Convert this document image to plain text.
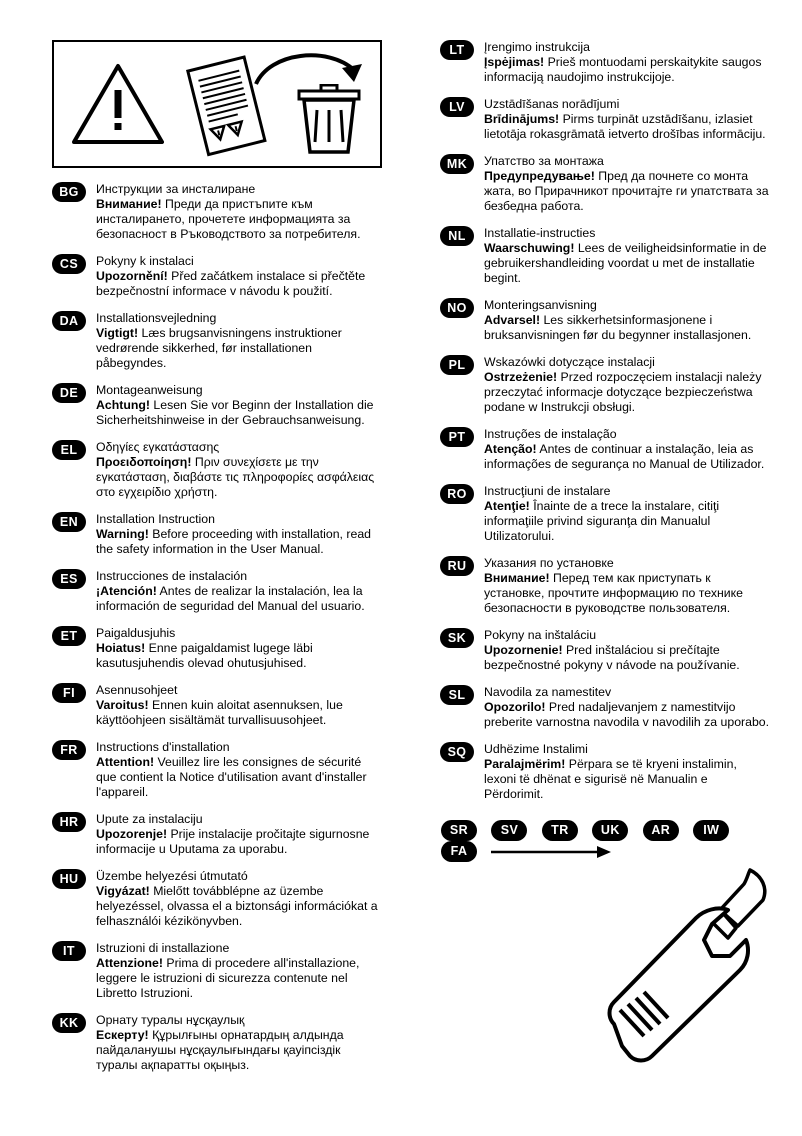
BG	Инструкции за инсталиране
Внимание! Преди да пристъпите към инсталирането, прочетете информацията за безопасност в Ръководството за потребителя.
CS	Pokyny k instalaci
Upozornění! Před začátkem instalace si přečtěte bezpečnostní informace v návodu k použití.
DA	Installationsvejledning
Vigtigt! Læs brugsanvisningens instruktioner vedrørende sikkerhed, før installationen påbegyndes.
DE	Montageanweisung
Achtung! Lesen Sie vor Beginn der Installation die Sicherheitshinweise in der Gebrauchsanweisung.
EL	Οδηγίες εγκατάστασης
Προειδοποίηση! Πριν συνεχίσετε με την εγκατάσταση, διαβάστε τις πληροφορίες ασφάλειας στο εγχειρίδιο χρήστη.
EN	Installation Instruction
Warning! Before proceeding with installation, read the safety information in the User Manual.
ES	Instrucciones de instalación
¡Atención! Antes de realizar la instalación, lea la información de seguridad del Manual del usuario.
ET	Paigaldusjuhis
Hoiatus! Enne paigaldamist lugege läbi kasutusjuhendis olevad ohutusjuhised.
FI	Asennusohjeet
Varoitus! Ennen kuin aloitat asennuksen, lue käyttöohjeen sisältämät turvallisuusohjeet.
FR	Instructions d'installation
Attention! Veuillez lire les consignes de sécurité que contient la Notice d'utilisation avant d'installer l'appareil.
HR	Upute za instalaciju
Upozorenje! Prije instalacije pročitajte sigurnosne informacije u Uputama za uporabu.
HU	Üzembe helyezési útmutató
Vigyázat! Mielőtt továbblépne az üzembe helyezéssel, olvassa el a biztonsági információkat a felhasználói kézikönyvben.
IT	Istruzioni di installazione
Attenzione! Prima di procedere all'installazione, leggere le istruzioni di sicurezza contenute nel Libretto Istruzioni.
KK	Орнату туралы нұсқаулық
Ескерту! Құрылғыны орнатардың алдында пайдаланушы нұсқаулығындағы қауіпсіздік туралы ақпаратты оқыңыз.
LT	Įrengimo instrukcija
Įspėjimas! Prieš montuodami perskaitykite saugos informaciją naudojimo instrukcijoje.
LV	Uzstādīšanas norādījumi
Brīdinājums! Pirms turpināt uzstādīšanu, izlasiet lietotāja rokasgrāmatā ietverto drošības informāciju.
MK	Упатство за монтажа
Предупредување! Пред да почнете со монта жата, во Прирачникот прочитајте ги упатствата за безбедна работа.
NL	Installatie-instructies
Waarschuwing! Lees de veiligheidsinformatie in de gebruikershandleiding voordat u met de installatie begint.
NO	Monteringsanvisning
Advarsel! Les sikkerhetsinformasjonene i bruksanvisningen før du begynner installasjonen.
PL	Wskazówki dotyczące instalacji
Ostrzeżenie! Przed rozpoczęciem instalacji należy przeczytać informacje dotyczące bezpieczeństwa podane w Instrukcji obsługi.
PT	Instruções de instalação
Atenção! Antes de continuar a instalação, leia as informações de segurança no Manual de Utilizador.
RO	Instrucţiuni de instalare
Atenţie! Înainte de a trece la instalare, citiţi informaţiile privind siguranţa din Manualul Utilizatorului.
RU	Указания по установке
Внимание! Перед тем как приступать к установке, прочтите информацию по технике безопасности в руководстве пользователя.
SK	Pokyny na inštaláciu
Upozornenie! Pred inštaláciou si prečítajte bezpečnostné pokyny v návode na používanie.
SL	Navodila za namestitev
Opozorilo! Pred nadaljevanjem z namestitvijo preberite varnostna navodila v navodilih za uporabo.
SQ	Udhëzime Instalimi
Paralajmërim! Përpara se të kryeni instalimin, lexoni të dhënat e sigurisë në Manualin e Përdorimit.
SR	SV	TR	UK	AR	IW FA
